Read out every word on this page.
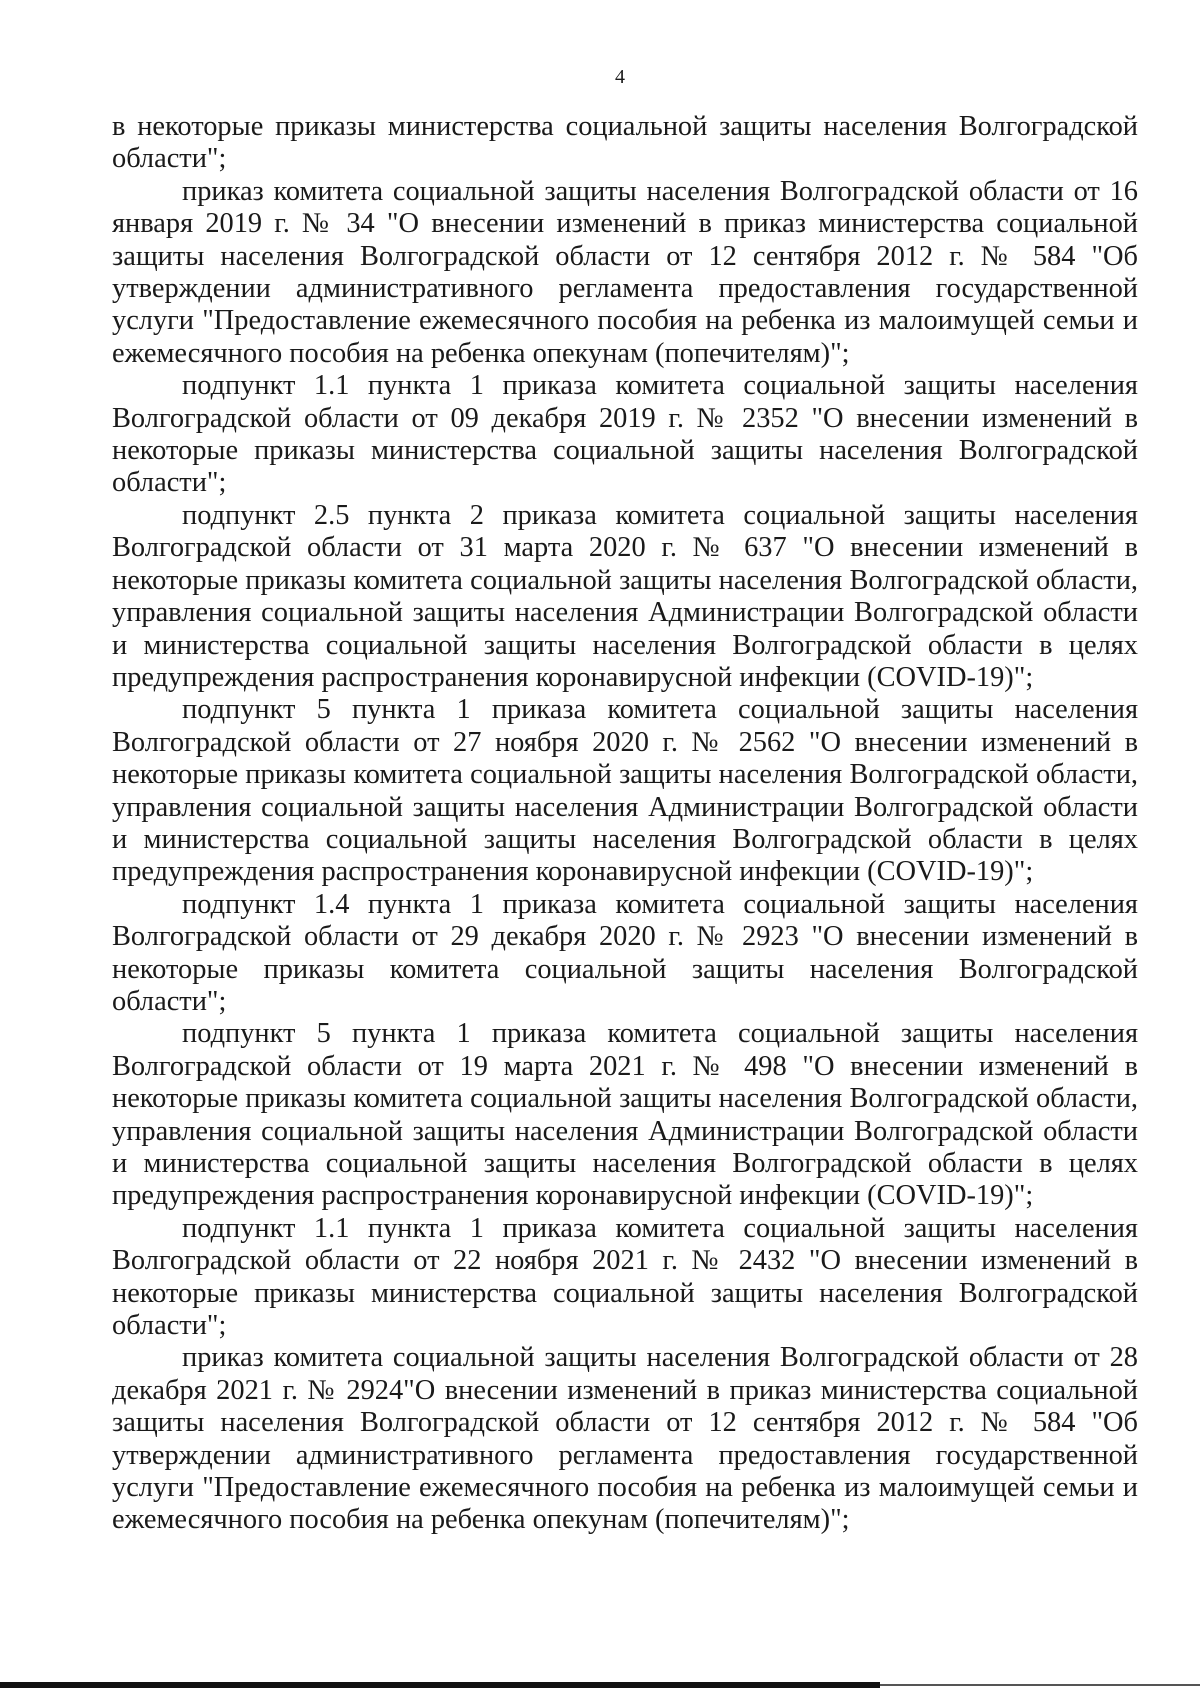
4

в некоторые приказы министерства социальной защиты населения Волгоградской области";

приказ комитета социальной защиты населения Волгоградской области от 16 января 2019 г. № 34 "О внесении изменений в приказ министерства социальной защиты населения Волгоградской области от 12 сентября 2012 г. № 584 "Об утверждении административного регламента предоставления государственной услуги "Предоставление ежемесячного пособия на ребенка из малоимущей семьи и ежемесячного пособия на ребенка опекунам (попечителям)";

подпункт 1.1 пункта 1 приказа комитета социальной защиты населения Волгоградской области от 09 декабря 2019 г. № 2352 "О внесении изменений в некоторые приказы министерства социальной защиты населения Волгоградской области";

подпункт 2.5 пункта 2 приказа комитета социальной защиты населения Волгоградской области от 31 марта 2020 г. № 637 "О внесении изменений в некоторые приказы комитета социальной защиты населения Волгоградской области, управления социальной защиты населения Администрации Волгоградской области и министерства социальной защиты населения Волгоградской области в целях предупреждения распространения коронавирусной инфекции (COVID-19)";

подпункт 5 пункта 1 приказа комитета социальной защиты населения Волгоградской области от 27 ноября 2020 г. № 2562 "О внесении изменений в некоторые приказы комитета социальной защиты населения Волгоградской области, управления социальной защиты населения Администрации Волгоградской области и министерства социальной защиты населения Волгоградской области в целях предупреждения распространения коронавирусной инфекции (COVID-19)";

подпункт 1.4 пункта 1 приказа комитета социальной защиты населения Волгоградской области от 29 декабря 2020 г. № 2923 "О внесении изменений в некоторые приказы комитета социальной защиты населения Волгоградской области";

подпункт 5 пункта 1 приказа комитета социальной защиты населения Волгоградской области от 19 марта 2021 г. № 498 "О внесении изменений в некоторые приказы комитета социальной защиты населения Волгоградской области, управления социальной защиты населения Администрации Волгоградской области и министерства социальной защиты населения Волгоградской области в целях предупреждения распространения коронавирусной инфекции (COVID-19)";

подпункт 1.1 пункта 1 приказа комитета социальной защиты населения Волгоградской области от 22 ноября 2021 г. № 2432 "О внесении изменений в некоторые приказы министерства социальной защиты населения Волгоградской области";

приказ комитета социальной защиты населения Волгоградской области от 28 декабря 2021 г. № 2924"О внесении изменений в приказ министерства социальной защиты населения Волгоградской области от 12 сентября 2012 г. № 584 "Об утверждении административного регламента предоставления государственной услуги "Предоставление ежемесячного пособия на ребенка из малоимущей семьи и ежемесячного пособия на ребенка опекунам (попечителям)";
